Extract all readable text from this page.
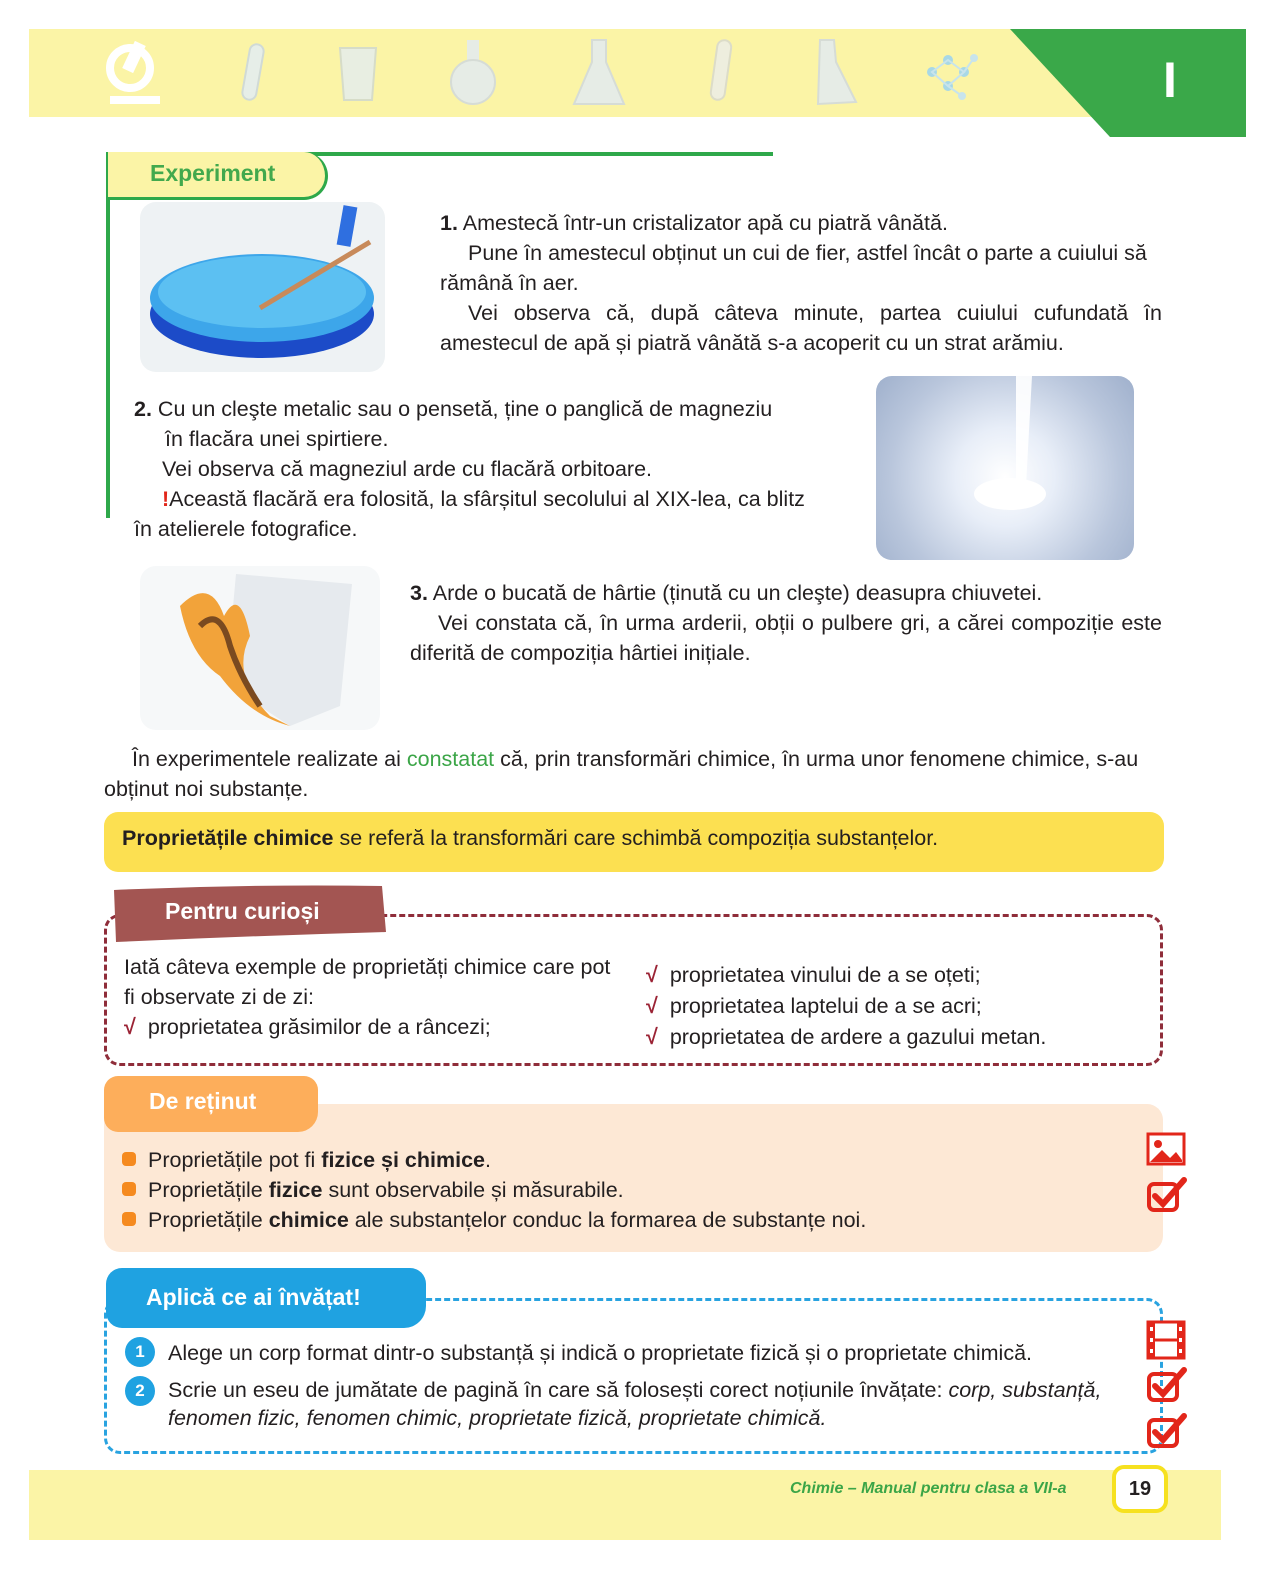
I
Experiment

1. Amestecă într-un cristalizator apă cu piatră vânătă.

Pune în amestecul obținut un cui de fier, astfel încât o parte a cuiului să rămână în aer.

Vei observa că, după câteva minute, partea cuiului cufundată în amestecul de apă și piatră vânătă s-a acoperit cu un strat arămiu.

2. Cu un cleşte metalic sau o pensetă, ține o panglică de magneziu

în flacăra unei spirtiere.

Vei observa că magneziul arde cu flacără orbitoare.

!Această flacără era folosită, la sfârșitul secolului al XIX-lea, ca blitz

în atelierele fotografice.

3. Arde o bucată de hârtie (ținută cu un cleşte) deasupra chiuvetei.

Vei constata că, în urma arderii, obții o pulbere gri, a cărei compoziție este diferită de compoziția hârtiei inițiale.

În experimentele realizate ai constatat că, prin transformări chimice, în urma unor fenomene chimice, s-au obținut noi substanțe.

Proprietățile chimice se referă la transformări care schimbă compoziția substanțelor.
Pentru curioși

Iată câteva exemple de proprietăți chimice care pot fi observate zi de zi:

√ proprietatea grăsimilor de a râncezi;

√ proprietatea vinului de a se oțeti;

√ proprietatea laptelui de a se acri;

√ proprietatea de ardere a gazului metan.

De reținut

Proprietățile pot fi fizice și chimice.

Proprietățile fizice sunt observabile și măsurabile.

Proprietățile chimice ale substanțelor conduc la formarea de substanțe noi.

Aplică ce ai învățat!
1	Alege un corp format dintr-o substanță și indică o proprietate fizică și o proprietate chimică.
2	Scrie un eseu de jumătate de pagină în care să folosești corect noțiunile învățate: corp, substanță,

fenomen fizic, fenomen chimic, proprietate fizică, proprietate chimică.

Chimie – Manual pentru clasa a VII-a	19
